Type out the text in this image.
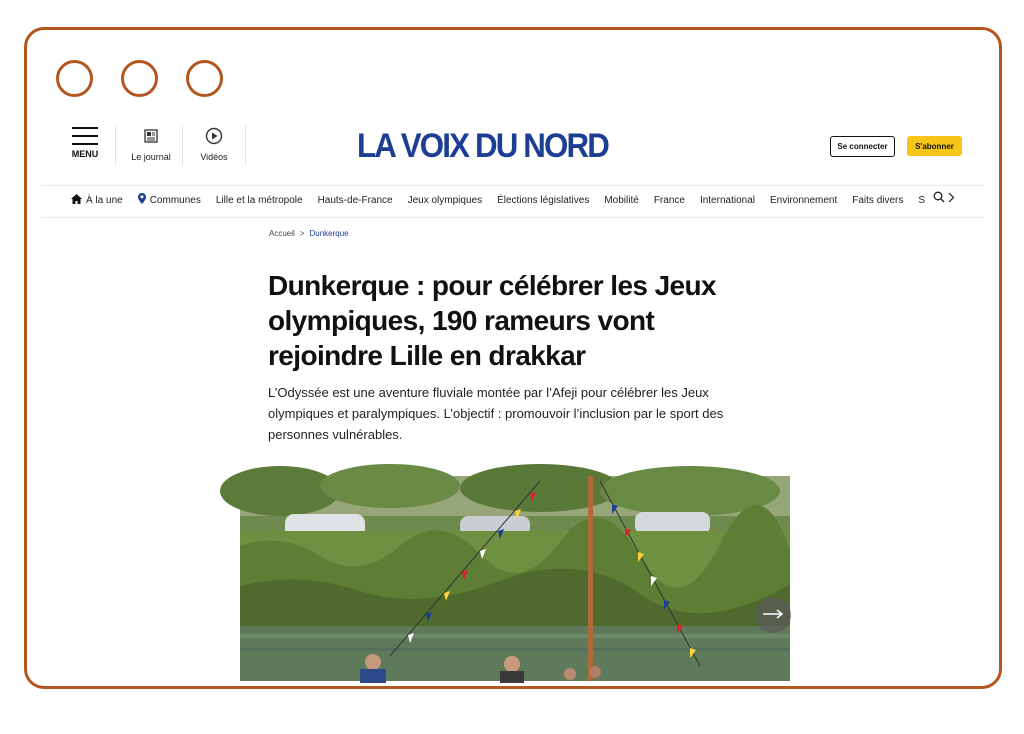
MENU	Le journal	Vidéos	LA VOIX DU NORD	Se connecter	S'abonner
À la une	Communes Lille et la métropole Hauts-de-France Jeux olympiques Élections législatives Mobilité France International Environnement Faits divers S
Accueil > Dunkerque
Dunkerque : pour célébrer les Jeux olympiques, 190 rameurs vont rejoindre Lille en drakkar

L’Odyssée est une aventure fluviale montée par l’Afeji pour célébrer les Jeux olympiques et paralympiques. L’objectif : promouvoir l’inclusion par le sport des personnes vulnérables.
